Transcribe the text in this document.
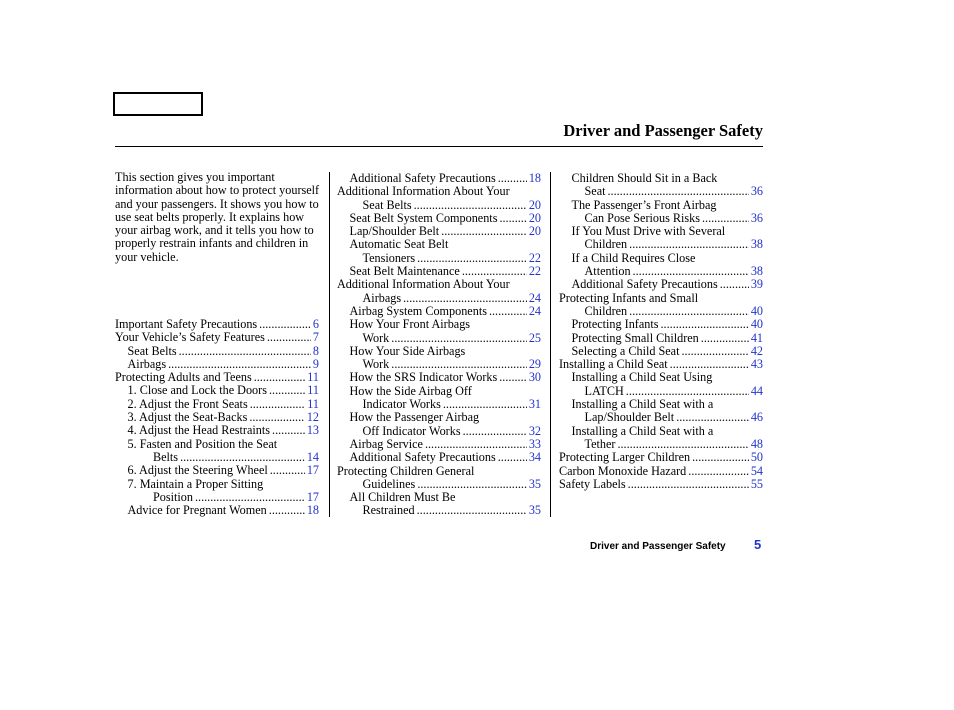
Driver and Passenger Safety
This section gives you important information about how to protect yourself and your passengers. It shows you how to use seat belts properly. It explains how your airbag work, and it tells you how to properly restrain infants and children in your vehicle.
Important Safety Precautions .....	6
Your Vehicle’s Safety Features .....	7
Seat Belts .....	8
Airbags .....	9
Protecting Adults and Teens .....	11
1. Close and Lock the Doors .....	11
2. Adjust the Front Seats .....	11
3. Adjust the Seat-Backs .....	12
4. Adjust the Head Restraints .....	13
5. Fasten and Position the Seat
Belts .....	14
6. Adjust the Steering Wheel .....	17
7. Maintain a Proper Sitting
Position .....	17
Advice for Pregnant Women .....	18
Additional Safety Precautions .....	18
Additional Information About Your
Seat Belts .....	20
Seat Belt System Components .....	20
Lap/Shoulder Belt .....	20
Automatic Seat Belt
Tensioners .....	22
Seat Belt Maintenance .....	22
Additional Information About Your
Airbags .....	24
Airbag System Components .....	24
How Your Front Airbags
Work .....	25
How Your Side Airbags
Work .....	29
How the SRS Indicator Works .....	30
How the Side Airbag Off
Indicator Works .....	31
How the Passenger Airbag
Off Indicator Works .....	32
Airbag Service .....	33
Additional Safety Precautions .....	34
Protecting Children General
Guidelines .....	35
All Children Must Be
Restrained .....	35
Children Should Sit in a Back
Seat .....	36
The Passenger’s Front Airbag
Can Pose Serious Risks .....	36
If You Must Drive with Several
Children .....	38
If a Child Requires Close
Attention .....	38
Additional Safety Precautions .....	39
Protecting Infants and Small
Children .....	40
Protecting Infants .....	40
Protecting Small Children .....	41
Selecting a Child Seat .....	42
Installing a Child Seat .....	43
Installing a Child Seat Using
LATCH .....	44
Installing a Child Seat with a
Lap/Shoulder Belt .....	46
Installing a Child Seat with a
Tether .....	48
Protecting Larger Children .....	50
Carbon Monoxide Hazard .....	54
Safety Labels .....	55
Driver and Passenger Safety 5
